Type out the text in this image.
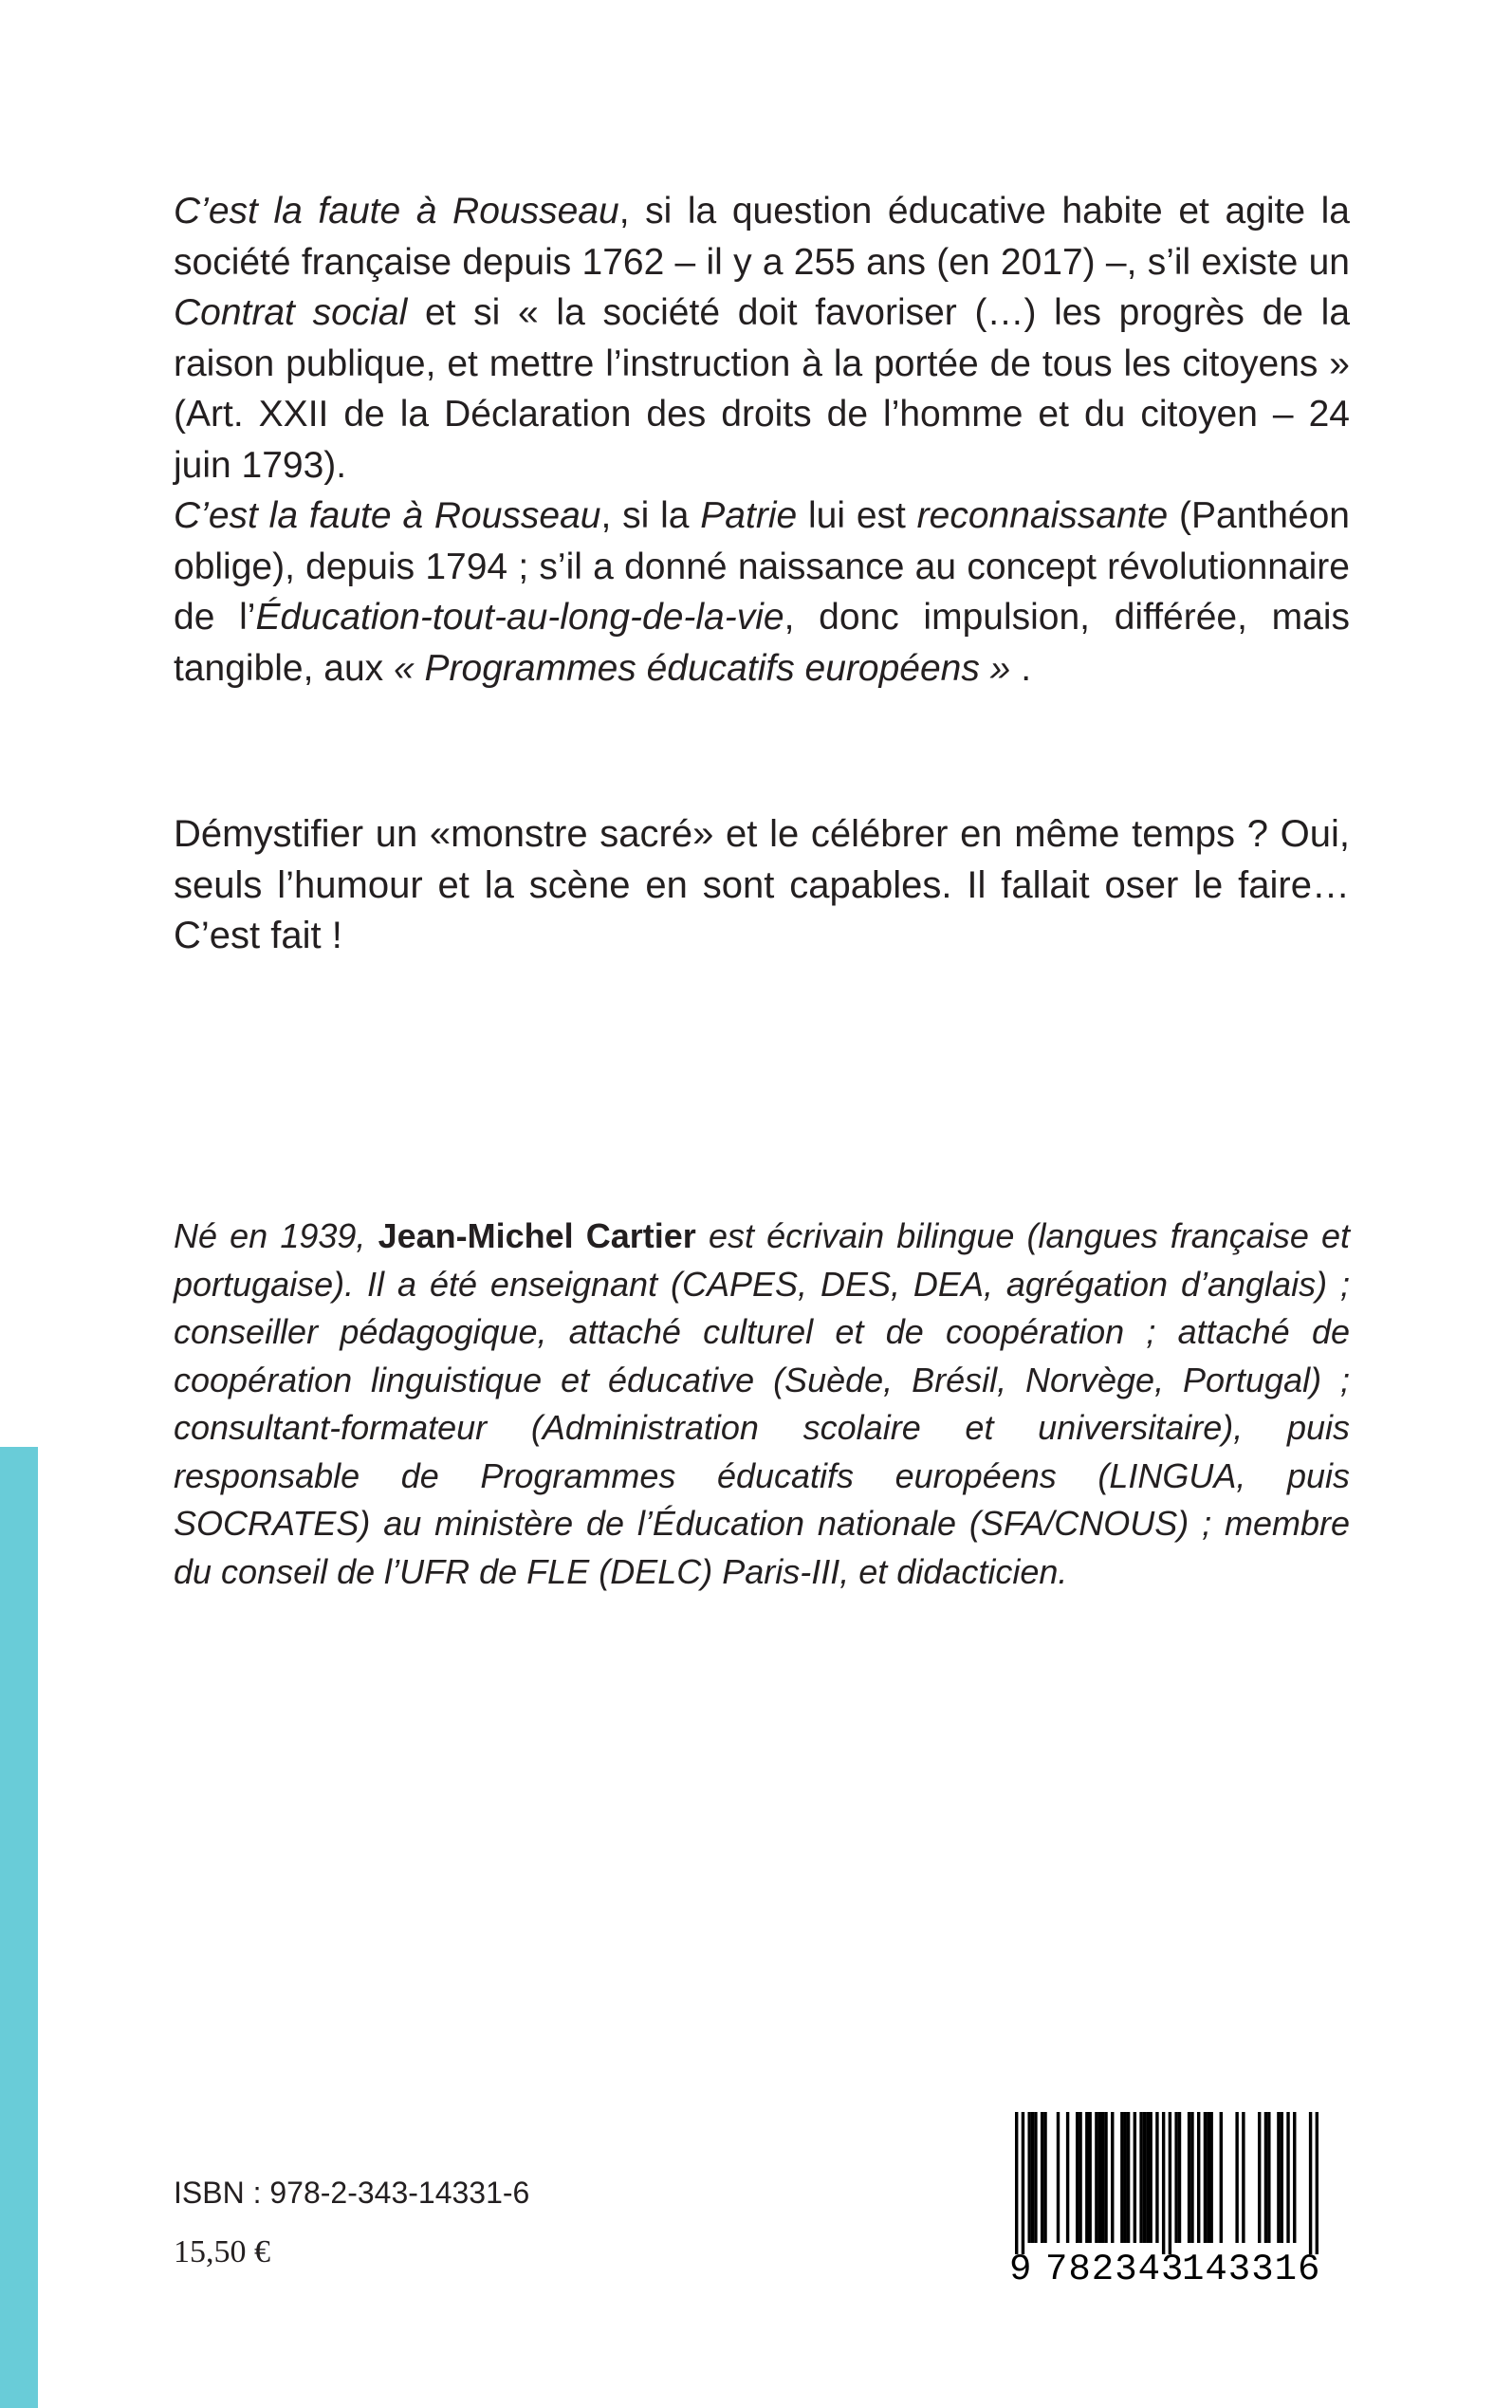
C’est la faute à Rousseau, si la question éducative habite et agite la société française depuis 1762 – il y a 255 ans (en 2017) –, s’il existe un Contrat social et si « la société doit favoriser (…) les progrès de la raison publique, et mettre l’instruction à la portée de tous les citoyens » (Art. XXII de la Déclaration des droits de l’homme et du citoyen – 24 juin 1793).

C’est la faute à Rousseau, si la Patrie lui est reconnaissante (Panthéon oblige), depuis 1794 ; s’il a donné naissance au concept révolutionnaire de l’Éducation-tout-au-long-de-la-vie, donc impulsion, différée, mais tangible, aux « Programmes éducatifs européens » .

Démystifier un «monstre sacré» et le célébrer en même temps ? Oui, seuls l’humour et la scène en sont capables. Il fallait oser le faire… C’est fait !
Né en 1939, Jean-Michel Cartier est écrivain bilingue (langues française et portugaise). Il a été enseignant (CAPES, DES, DEA, agrégation d’anglais) ; conseiller pédagogique, attaché culturel et de coopération ; attaché de coopération linguistique et éducative (Suède, Brésil, Norvège, Portugal) ; consultant-formateur (Administration scolaire et universitaire), puis responsable de Programmes éducatifs européens (LINGUA, puis SOCRATES) au ministère de l’Éducation nationale (SFA/CNOUS) ; membre du conseil de l’UFR de FLE (DELC) Paris-III, et didacticien.
ISBN : 978-2-343-14331-6
15,50 €	9 782343
143316
